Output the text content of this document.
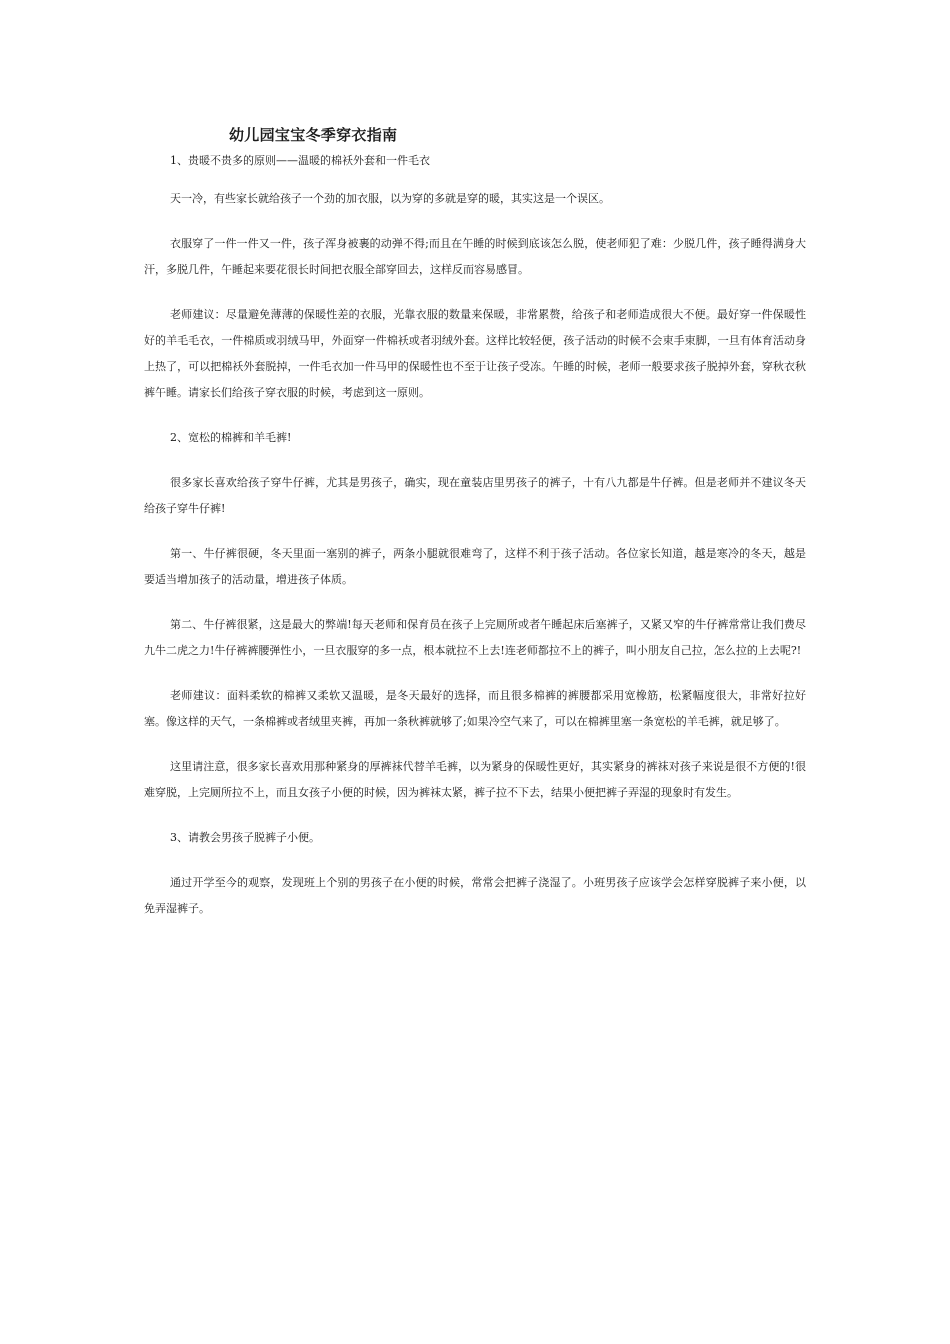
幼儿园宝宝冬季穿衣指南
1、贵暖不贵多的原则——温暖的棉袄外套和一件毛衣

天一冷，有些家长就给孩子一个劲的加衣服，以为穿的多就是穿的暖，其实这是一个误区。

衣服穿了一件一件又一件，孩子浑身被裹的动弹不得;而且在午睡的时候到底该怎么脱，使老师犯了难：少脱几件，孩子睡得满身大汗，多脱几件，午睡起来要花很长时间把衣服全部穿回去，这样反而容易感冒。

老师建议：尽量避免薄薄的保暖性差的衣服，光靠衣服的数量来保暖，非常累赘，给孩子和老师造成很大不便。最好穿一件保暖性好的羊毛毛衣，一件棉质或羽绒马甲，外面穿一件棉袄或者羽绒外套。这样比较轻便，孩子活动的时候不会束手束脚，一旦有体育活动身上热了，可以把棉袄外套脱掉，一件毛衣加一件马甲的保暖性也不至于让孩子受冻。午睡的时候，老师一般要求孩子脱掉外套，穿秋衣秋裤午睡。请家长们给孩子穿衣服的时候，考虑到这一原则。

2、宽松的棉裤和羊毛裤!

很多家长喜欢给孩子穿牛仔裤，尤其是男孩子，确实，现在童装店里男孩子的裤子，十有八九都是牛仔裤。但是老师并不建议冬天给孩子穿牛仔裤!

第一、牛仔裤很硬，冬天里面一塞别的裤子，两条小腿就很难弯了，这样不利于孩子活动。各位家长知道，越是寒冷的冬天，越是要适当增加孩子的活动量，增进孩子体质。

第二、牛仔裤很紧，这是最大的弊端!每天老师和保育员在孩子上完厕所或者午睡起床后塞裤子，又紧又窄的牛仔裤常常让我们费尽九牛二虎之力!牛仔裤裤腰弹性小，一旦衣服穿的多一点，根本就拉不上去!连老师都拉不上的裤子，叫小朋友自己拉，怎么拉的上去呢?!

老师建议：面料柔软的棉裤又柔软又温暖，是冬天最好的选择，而且很多棉裤的裤腰都采用宽橡筋，松紧幅度很大，非常好拉好塞。像这样的天气，一条棉裤或者绒里夹裤，再加一条秋裤就够了;如果冷空气来了，可以在棉裤里塞一条宽松的羊毛裤，就足够了。

这里请注意，很多家长喜欢用那种紧身的厚裤袜代替羊毛裤，以为紧身的保暖性更好，其实紧身的裤袜对孩子来说是很不方便的!很难穿脱，上完厕所拉不上，而且女孩子小便的时候，因为裤袜太紧，裤子拉不下去，结果小便把裤子弄湿的现象时有发生。

3、请教会男孩子脱裤子小便。

通过开学至今的观察，发现班上个别的男孩子在小便的时候，常常会把裤子浇湿了。小班男孩子应该学会怎样穿脱裤子来小便，以免弄湿裤子。
